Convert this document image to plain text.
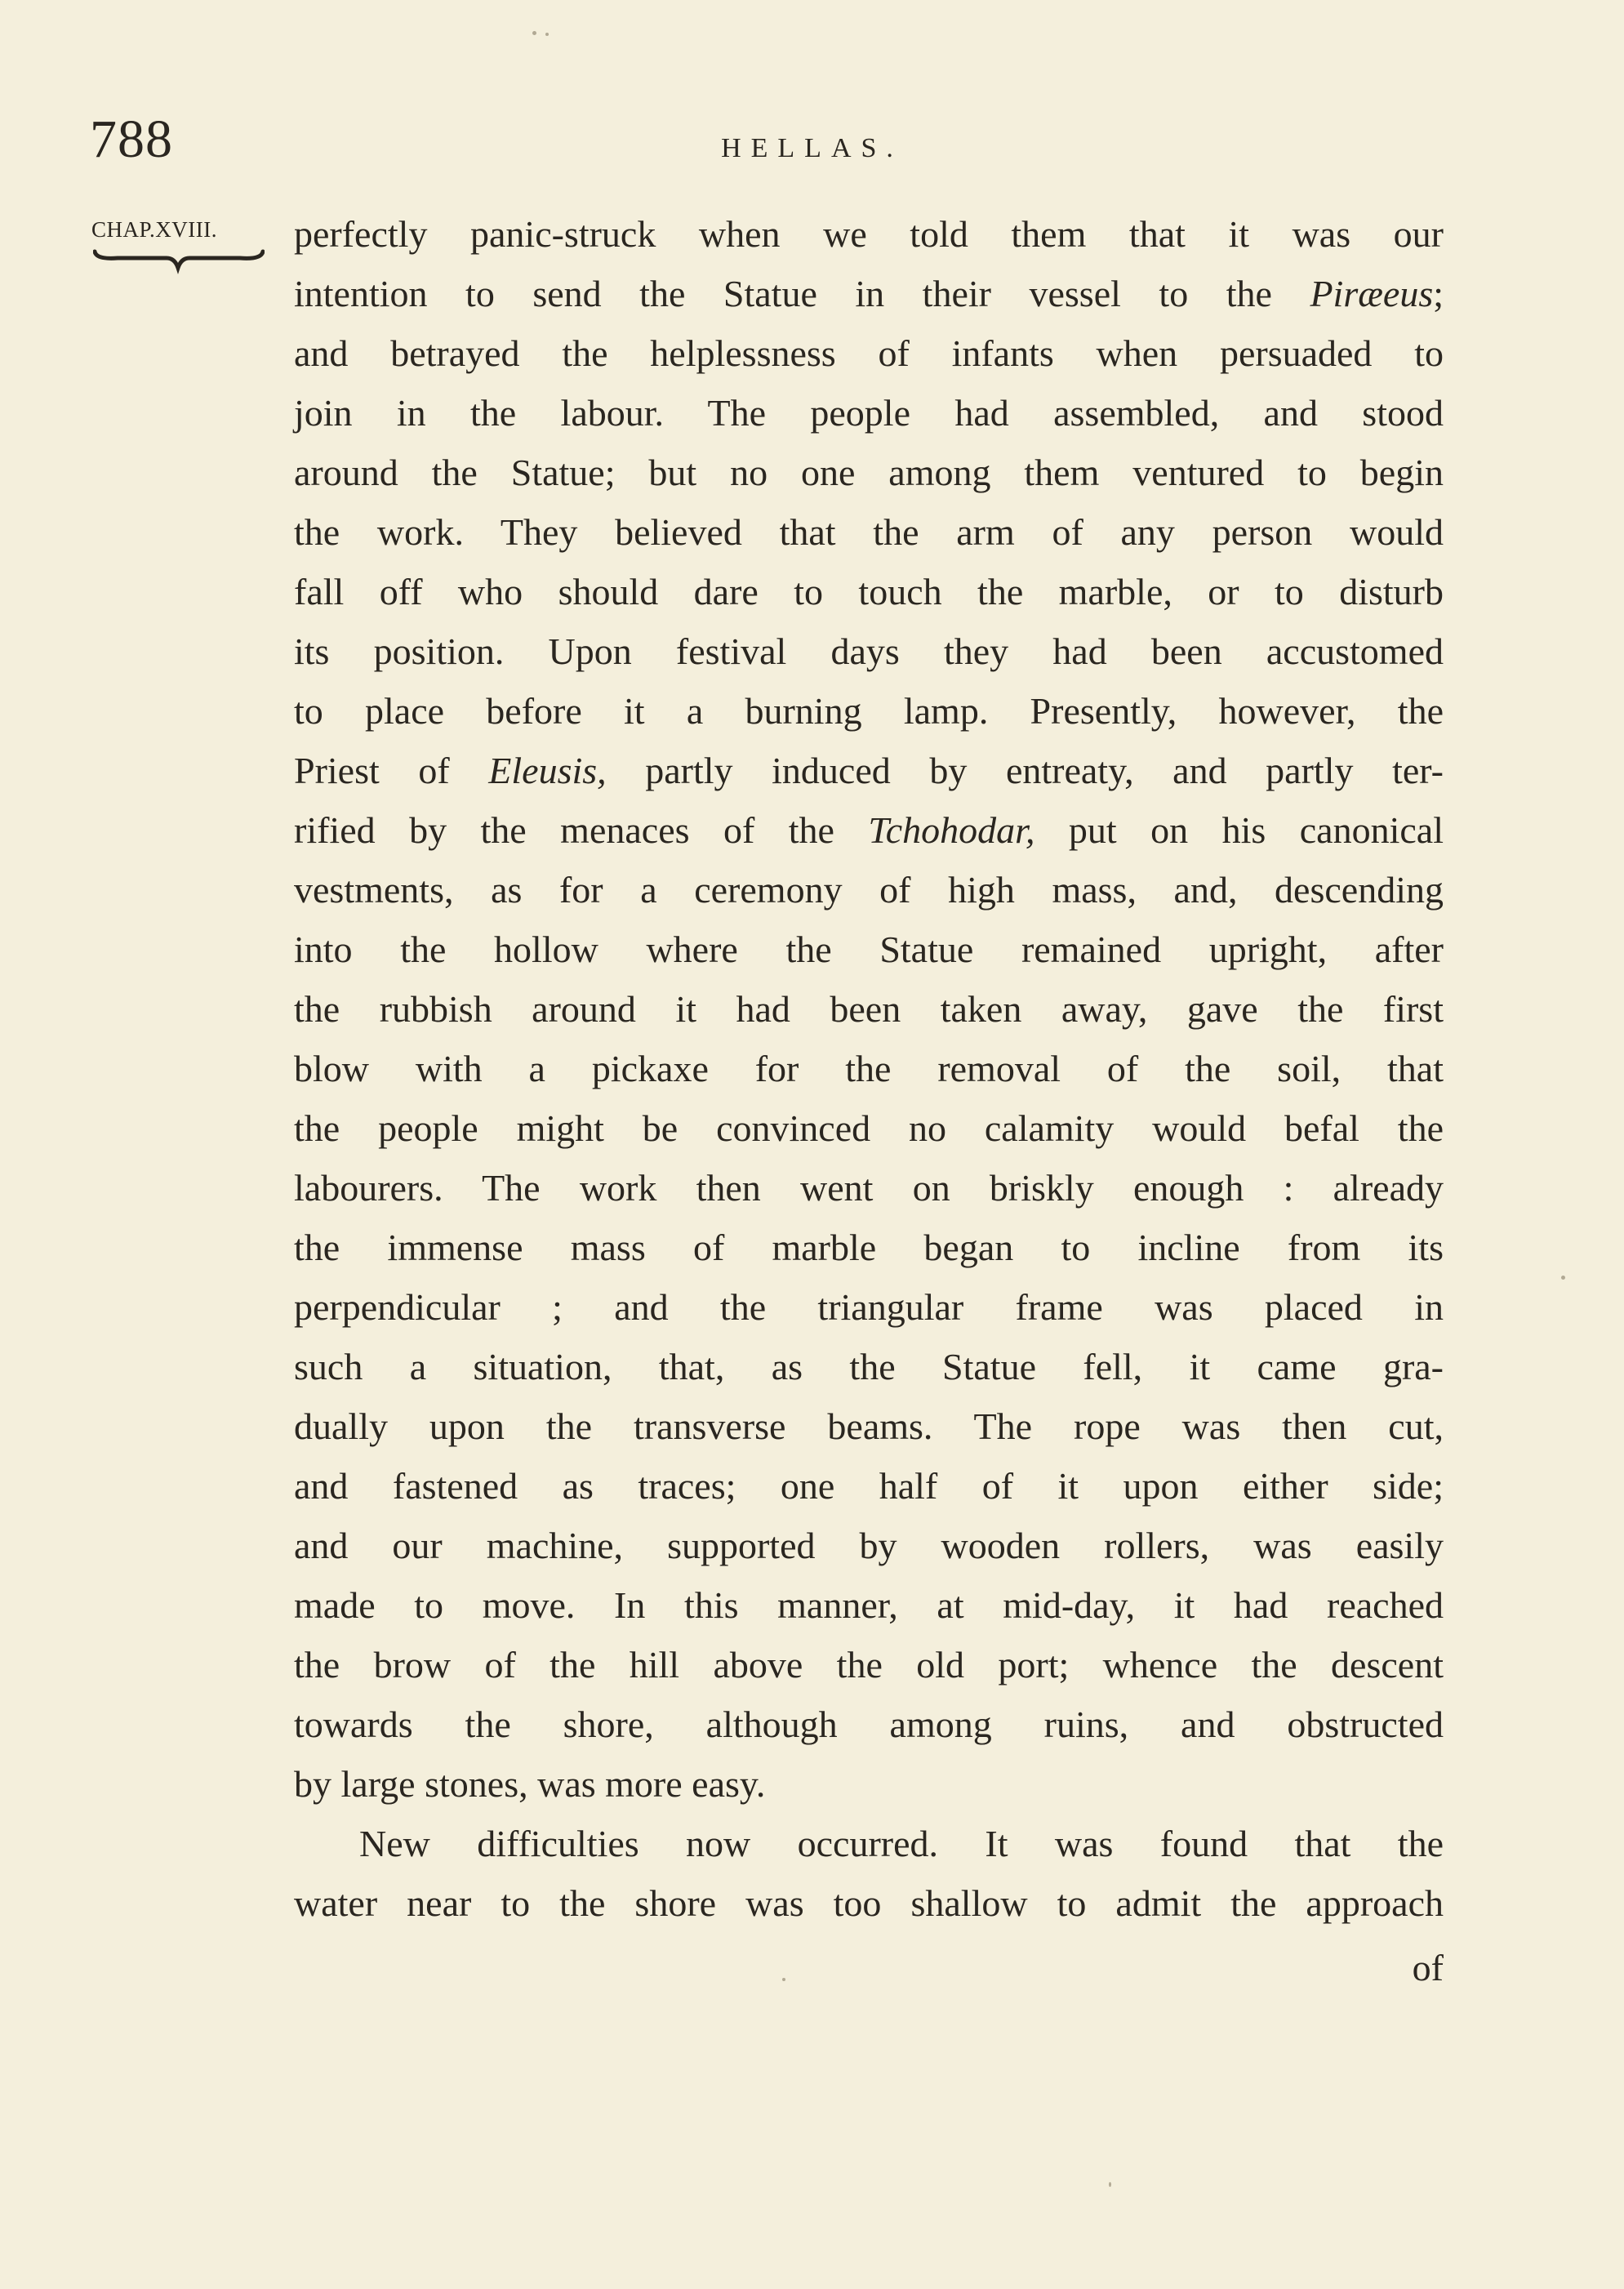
788	HELLAS.
CHAP.XVIII. perfectly panic-struck when we told them that it was our
intention to send the Statue in their vessel to the Piræeus;
and betrayed the helplessness of infants when persuaded to
join in the labour. The people had assembled, and stood
around the Statue; but no one among them ventured to begin
the work. They believed that the arm of any person would
fall off who should dare to touch the marble, or to disturb
its position. Upon festival days they had been accustomed
to place before it a burning lamp. Presently, however, the
Priest of Eleusis, partly induced by entreaty, and partly ter-
rified by the menaces of the Tchohodar, put on his canonical
vestments, as for a ceremony of high mass, and, descending
into the hollow where the Statue remained upright, after
the rubbish around it had been taken away, gave the first
blow with a pickaxe for the removal of the soil, that
the people might be convinced no calamity would befal the
labourers. The work then went on briskly enough : already
the immense mass of marble began to incline from its
perpendicular ; and the triangular frame was placed in
such a situation, that, as the Statue fell, it came gra-
dually upon the transverse beams. The rope was then cut,
and fastened as traces; one half of it upon either side;
and our machine, supported by wooden rollers, was easily
made to move. In this manner, at mid-day, it had reached
the brow of the hill above the old port; whence the descent
towards the shore, although among ruins, and obstructed
by large stones, was more easy.
New difficulties now occurred. It was found that the
water near to the shore was too shallow to admit the approach
of
